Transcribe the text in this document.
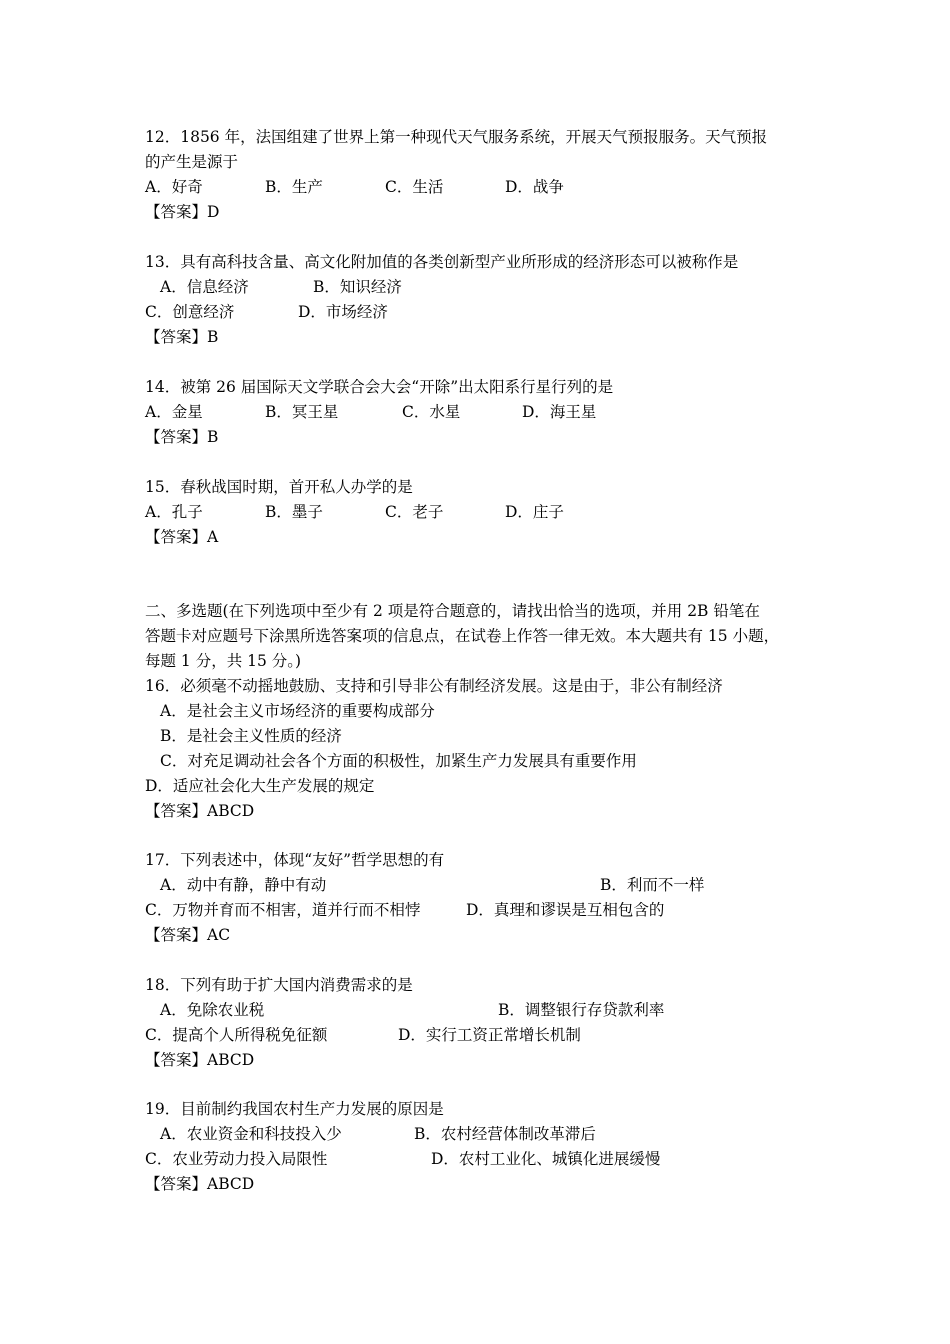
12．1856 年，法国组建了世界上第一种现代天气服务系统，开展天气预报服务。天气预报
的产生是源于
A．好奇	B．生产	C．生活	D．战争
【答案】D
13．具有高科技含量、高文化附加值的各类创新型产业所形成的经济形态可以被称作是
A．信息经济	B．知识经济
C．创意经济	D．市场经济
【答案】B
14．被第 26 届国际天文学联合会大会“开除”出太阳系行星行列的是
A．金星	B．冥王星	C．水星	D．海王星
【答案】B
15．春秋战国时期，首开私人办学的是
A．孔子	B．墨子	C．老子	D．庄子
【答案】A
二、多选题(在下列选项中至少有 2 项是符合题意的，请找出恰当的选项，并用 2B 铅笔在
答题卡对应题号下涂黑所选答案项的信息点，在试卷上作答一律无效。本大题共有 15 小题，
每题 1 分，共 15 分。)
16．必须毫不动摇地鼓励、支持和引导非公有制经济发展。这是由于，非公有制经济
A．是社会主义市场经济的重要构成部分
B．是社会主义性质的经济
C．对充足调动社会各个方面的积极性，加紧生产力发展具有重要作用
D．适应社会化大生产发展的规定
【答案】ABCD
17．下列表述中，体现“友好”哲学思想的有
A．动中有静，静中有动	B．利而不一样
C．万物并育而不相害，道并行而不相悖	D．真理和谬误是互相包含的
【答案】AC
18．下列有助于扩大国内消费需求的是
A．免除农业税	B．调整银行存贷款利率
C．提高个人所得税免征额	D．实行工资正常增长机制
【答案】ABCD
19．目前制约我国农村生产力发展的原因是
A．农业资金和科技投入少	B．农村经营体制改革滞后
C．农业劳动力投入局限性	D．农村工业化、城镇化进展缓慢
【答案】ABCD
